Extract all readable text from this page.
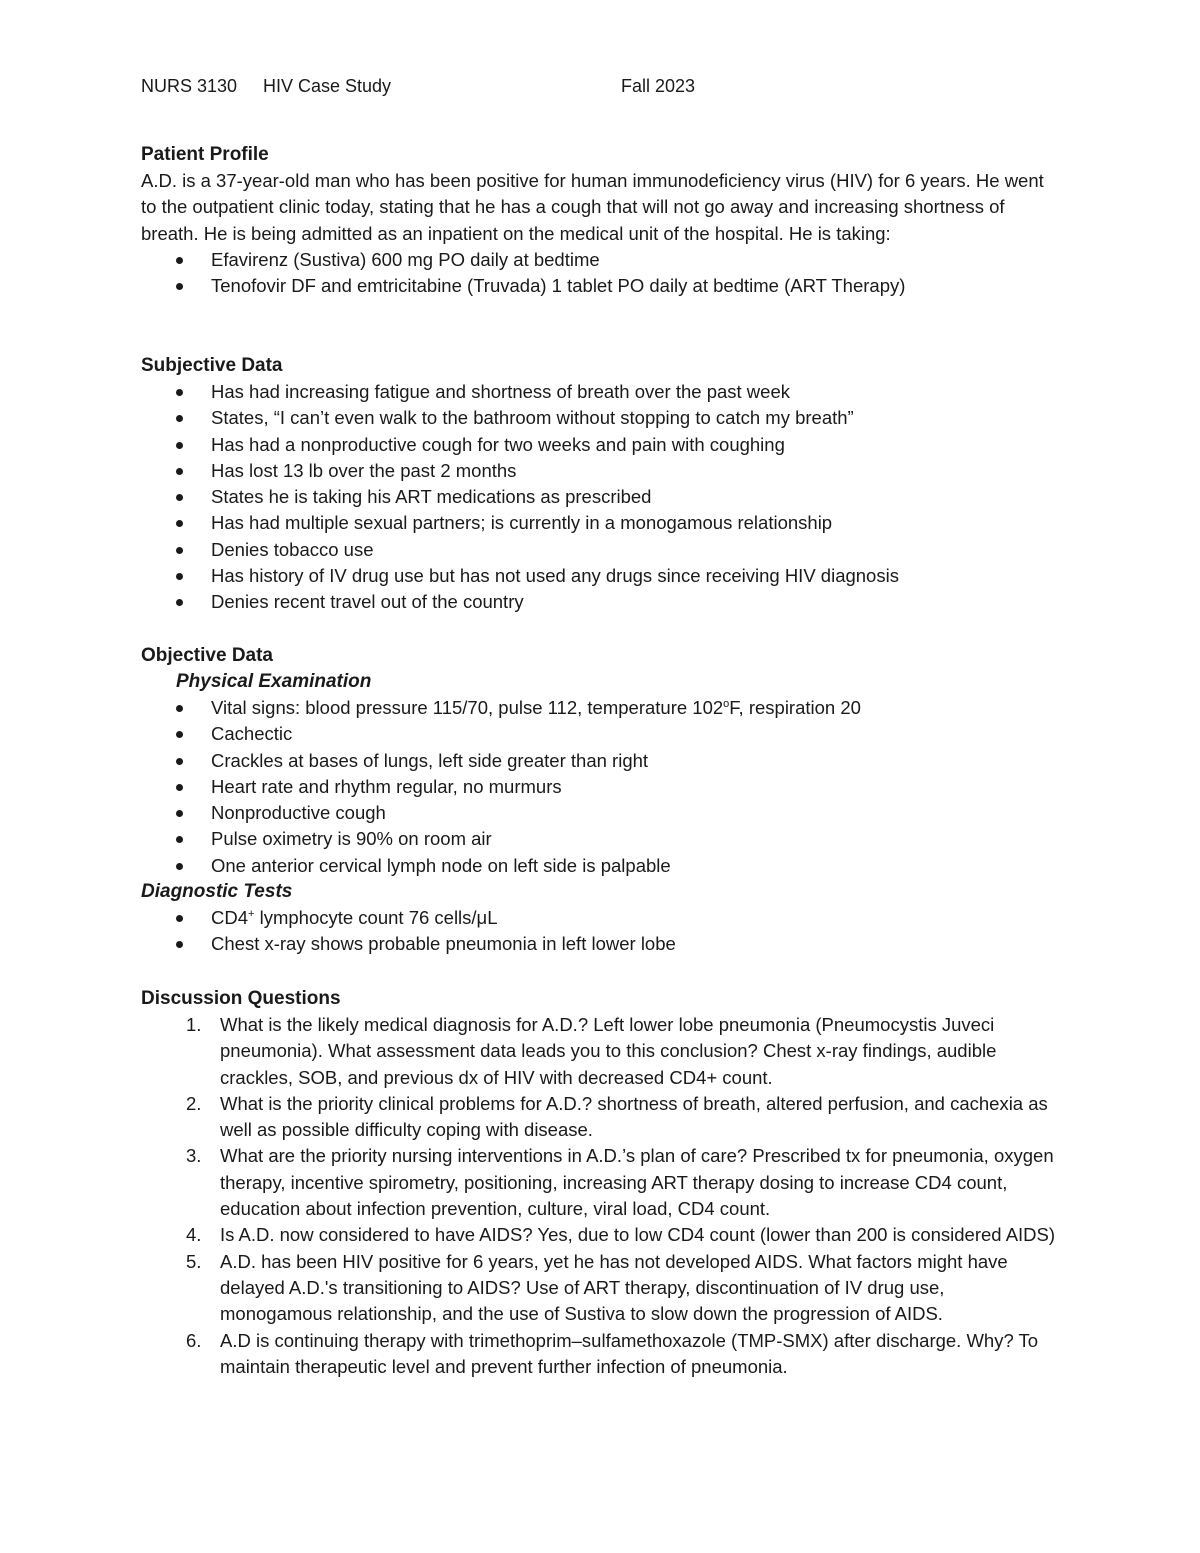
NURS 3130 HIV Case Study	Fall 2023
Patient Profile

A.D. is a 37-year-old man who has been positive for human immunodeficiency virus (HIV) for 6 years. He went to the outpatient clinic today, stating that he has a cough that will not go away and increasing shortness of breath. He is being admitted as an inpatient on the medical unit of the hospital. He is taking:

Efavirenz (Sustiva) 600 mg PO daily at bedtime
Tenofovir DF and emtricitabine (Truvada) 1 tablet PO daily at bedtime (ART Therapy)
Subjective Data
Has had increasing fatigue and shortness of breath over the past week
States, “I can’t even walk to the bathroom without stopping to catch my breath”
Has had a nonproductive cough for two weeks and pain with coughing
Has lost 13 lb over the past 2 months
States he is taking his ART medications as prescribed
Has had multiple sexual partners; is currently in a monogamous relationship
Denies tobacco use
Has history of IV drug use but has not used any drugs since receiving HIV diagnosis
Denies recent travel out of the country
Objective Data
Physical Examination
Vital signs: blood pressure 115/70, pulse 112, temperature 102$^o$F, respiration 20
Cachectic
Crackles at bases of lungs, left side greater than right
Heart rate and rhythm regular, no murmurs
Nonproductive cough
Pulse oximetry is 90% on room air
One anterior cervical lymph node on left side is palpable
Diagnostic Tests
CD4+ lymphocyte count 76 cells/μL
Chest x-ray shows probable pneumonia in left lower lobe
Discussion Questions
1. What is the likely medical diagnosis for A.D.? Left lower lobe pneumonia (Pneumocystis Juveci pneumonia). What assessment data leads you to this conclusion? Chest x-ray findings, audible crackles, SOB, and previous dx of HIV with decreased CD4+ count.
2. What is the priority clinical problems for A.D.? shortness of breath, altered perfusion, and cachexia as well as possible difficulty coping with disease.
3. What are the priority nursing interventions in A.D.’s plan of care? Prescribed tx for pneumonia, oxygen therapy, incentive spirometry, positioning, increasing ART therapy dosing to increase CD4 count, education about infection prevention, culture, viral load, CD4 count.
4. Is A.D. now considered to have AIDS? Yes, due to low CD4 count (lower than 200 is considered AIDS)
5. A.D. has been HIV positive for 6 years, yet he has not developed AIDS. What factors might have delayed A.D.'s transitioning to AIDS? Use of ART therapy, discontinuation of IV drug use, monogamous relationship, and the use of Sustiva to slow down the progression of AIDS.
6. A.D is continuing therapy with trimethoprim–sulfamethoxazole (TMP-SMX) after discharge. Why? To maintain therapeutic level and prevent further infection of pneumonia.
